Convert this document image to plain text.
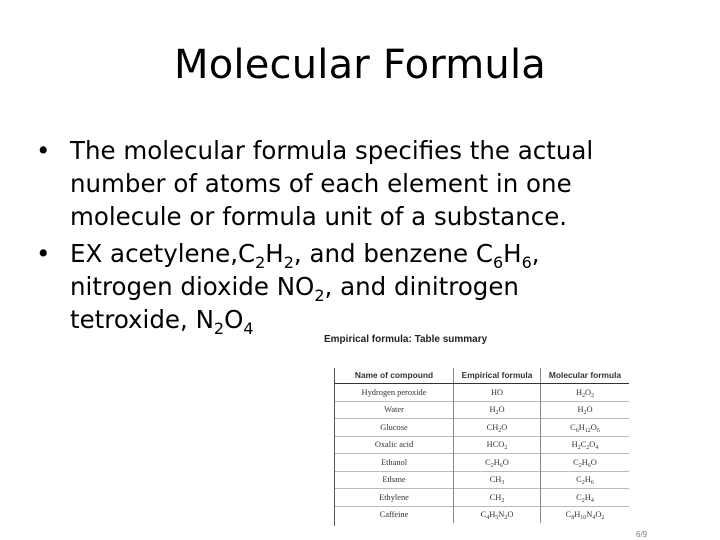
Molecular Formula
• The molecular formula specifies the actual
number of atoms of each element in one
molecule or formula unit of a substance.
• EX $acetylene,C_2H_2$, and benzene $C_6H_6$,
nitrogen dioxide $NO_2$, and dinitrogen
tetroxide, $N_2O_4$
Empirical formula: Table summary
Name of compound	Empirical formula	Molecular formula
Hydrogen peroxide	HO	$H_2O_2$
Water	$H_2O$	$H_2O$
Glucose	$CH_2O$	$C_6H_{12}O_6$
Oxalic acid	$HCO_2$	$H_2C_2O_4$
Ethanol	$C_2H_6O$	$C_2H_6O$
Ethane	$CH_3$	$C_2H_6$
Ethylene	$CH_2$	$C_2H_4$
Caffeine	$C_4H_5N_2O$	$C_8H_{10}N_4O_2$
6/9
